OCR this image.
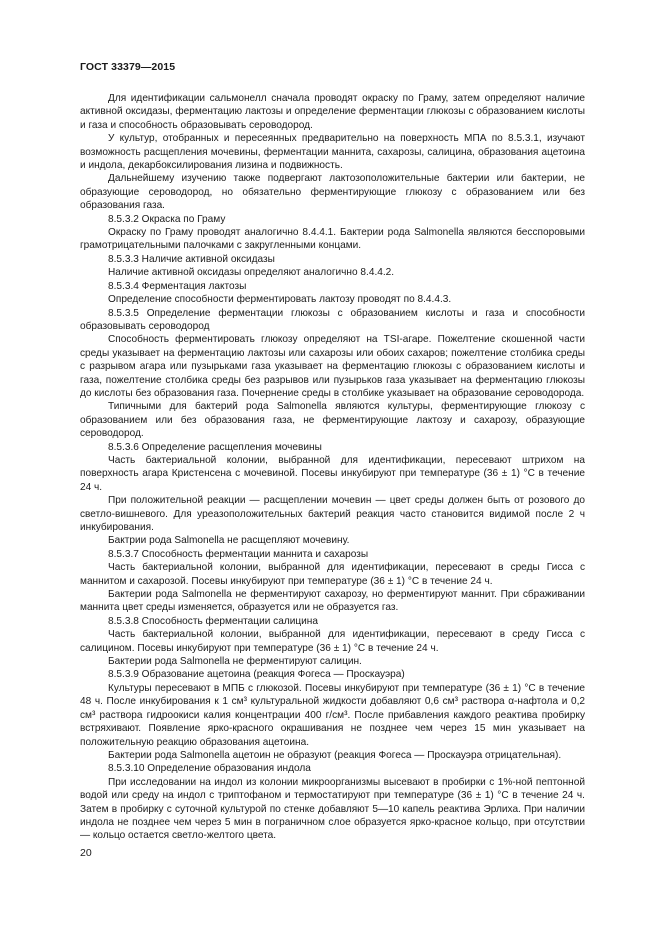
ГОСТ 33379—2015

Для идентификации сальмонелл сначала проводят окраску по Граму, затем определяют наличие активной оксидазы, ферментацию лактозы и определение ферментации глюкозы с образованием кислоты и газа и способность образовывать сероводород.

У культур, отобранных и пересеянных предварительно на поверхность МПА по 8.5.3.1, изучают возможность расщепления мочевины, ферментации маннита, сахарозы, салицина, образования ацетоина и индола, декарбоксилирования лизина и подвижность.

Дальнейшему изучению также подвергают лактозоположительные бактерии или бактерии, не образующие сероводород, но обязательно ферментирующие глюкозу с образованием или без образования газа.

8.5.3.2 Окраска по Граму

Окраску по Граму проводят аналогично 8.4.4.1. Бактерии рода Salmonella являются бесспоровыми грамотрицательными палочками с закругленными концами.

8.5.3.3 Наличие активной оксидазы

Наличие активной оксидазы определяют аналогично 8.4.4.2.

8.5.3.4 Ферментация лактозы

Определение способности ферментировать лактозу проводят по 8.4.4.3.

8.5.3.5 Определение ферментации глюкозы с образованием кислоты и газа и способности образовывать сероводород

Способность ферментировать глюкозу определяют на TSI-агаре. Пожелтение скошенной части среды указывает на ферментацию лактозы или сахарозы или обоих сахаров; пожелтение столбика среды с разрывом агара или пузырьками газа указывает на ферментацию глюкозы с образованием кислоты и газа, пожелтение столбика среды без разрывов или пузырьков газа указывает на ферментацию глюкозы до кислоты без образования газа. Почернение среды в столбике указывает на образование сероводорода.

Типичными для бактерий рода Salmonella являются культуры, ферментирующие глюкозу с образованием или без образования газа, не ферментирующие лактозу и сахарозу, образующие сероводород.

8.5.3.6 Определение расщепления мочевины

Часть бактериальной колонии, выбранной для идентификации, пересевают штрихом на поверхность агара Кристенсена с мочевиной. Посевы инкубируют при температуре (36 ± 1) °С в течение 24 ч.

При положительной реакции — расщеплении мочевин — цвет среды должен быть от розового до светло-вишневого. Для уреазоположительных бактерий реакция часто становится видимой после 2 ч инкубирования.

Бактрии рода Salmonella не расщепляют мочевину.

8.5.3.7 Способность ферментации маннита и сахарозы

Часть бактериальной колонии, выбранной для идентификации, пересевают в среды Гисса с маннитом и сахарозой. Посевы инкубируют при температуре (36 ± 1) °С в течение 24 ч.

Бактерии рода Salmonella не ферментируют сахарозу, но ферментируют маннит. При сбраживании маннита цвет среды изменяется, образуется или не образуется газ.

8.5.3.8 Способность ферментации салицина

Часть бактериальной колонии, выбранной для идентификации, пересевают в среду Гисса с салицином. Посевы инкубируют при температуре (36 ± 1) °С в течение 24 ч.

Бактерии рода Salmonella не ферментируют салицин.

8.5.3.9 Образование ацетоина (реакция Фогеса — Проскауэра)

Культуры пересевают в МПБ с глюкозой. Посевы инкубируют при температуре (36 ± 1) °С в течение 48 ч. После инкубирования к 1 см³ культуральной жидкости добавляют 0,6 см³ раствора α-нафтола и 0,2 см³ раствора гидроокиси калия концентрации 400 г/см³. После прибавления каждого реактива пробирку встряхивают. Появление ярко-красного окрашивания не позднее чем через 15 мин указывает на положительную реакцию образования ацетоина.

Бактерии рода Salmonella ацетоин не образуют (реакция Фогеса — Проскауэра отрицательная).

8.5.3.10 Определение образования индола

При исследовании на индол из колонии микроорганизмы высевают в пробирки с 1%-ной пептонной водой или среду на индол с триптофаном и термостатируют при температуре (36 ± 1) °С в течение 24 ч. Затем в пробирку с суточной культурой по стенке добавляют 5—10 капель реактива Эрлиха. При наличии индола не позднее чем через 5 мин в пограничном слое образуется ярко-красное кольцо, при отсутствии — кольцо остается светло-желтого цвета.

20
